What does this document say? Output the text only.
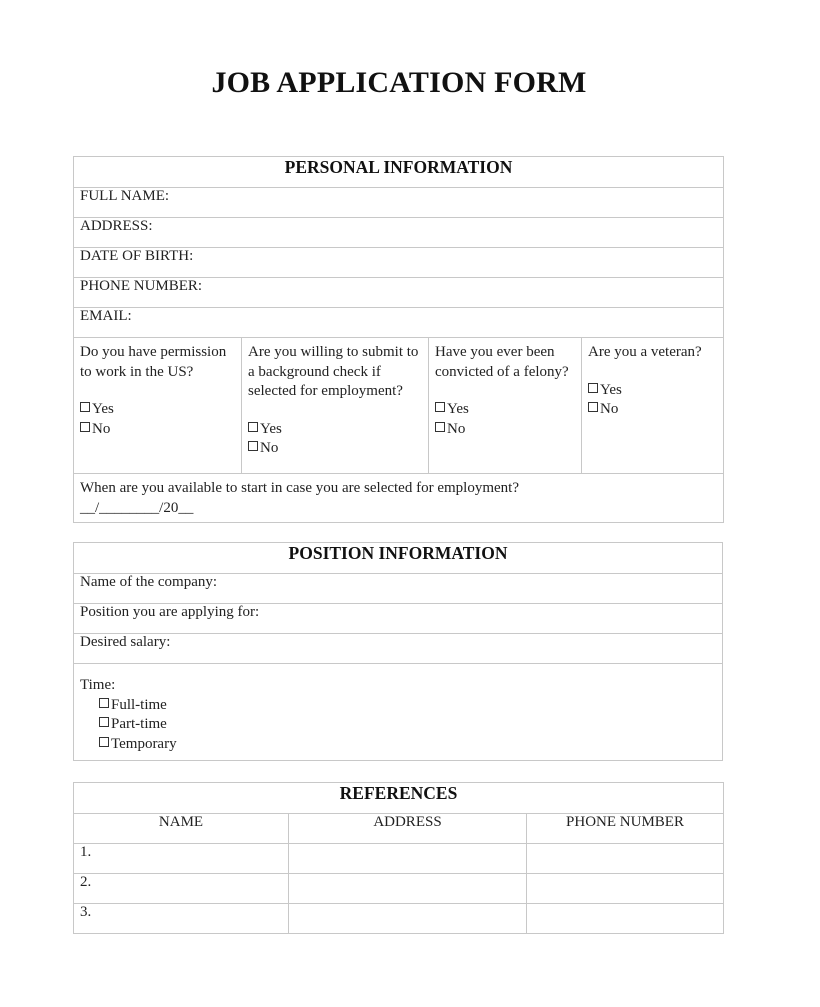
JOB APPLICATION FORM
PERSONAL INFORMATION
FULL NAME:
ADDRESS:
DATE OF BIRTH:
PHONE NUMBER:
EMAIL:
Do you have permission to work in the US?
Yes
No
	Are you willing to submit to a background check if selected for employment?
Yes
No
	Have you ever been convicted of a felony?
Yes
No
	Are you a veteran?
Yes
No

When are you available to start in case you are selected for employment?
__/________/20__
POSITION INFORMATION
Name of the company:
Position you are applying for:
Desired salary:

Time:
Full-time
Part-time
Temporary
REFERENCES		
NAME	ADDRESS	PHONE NUMBER
1.		
2.		
3.		
